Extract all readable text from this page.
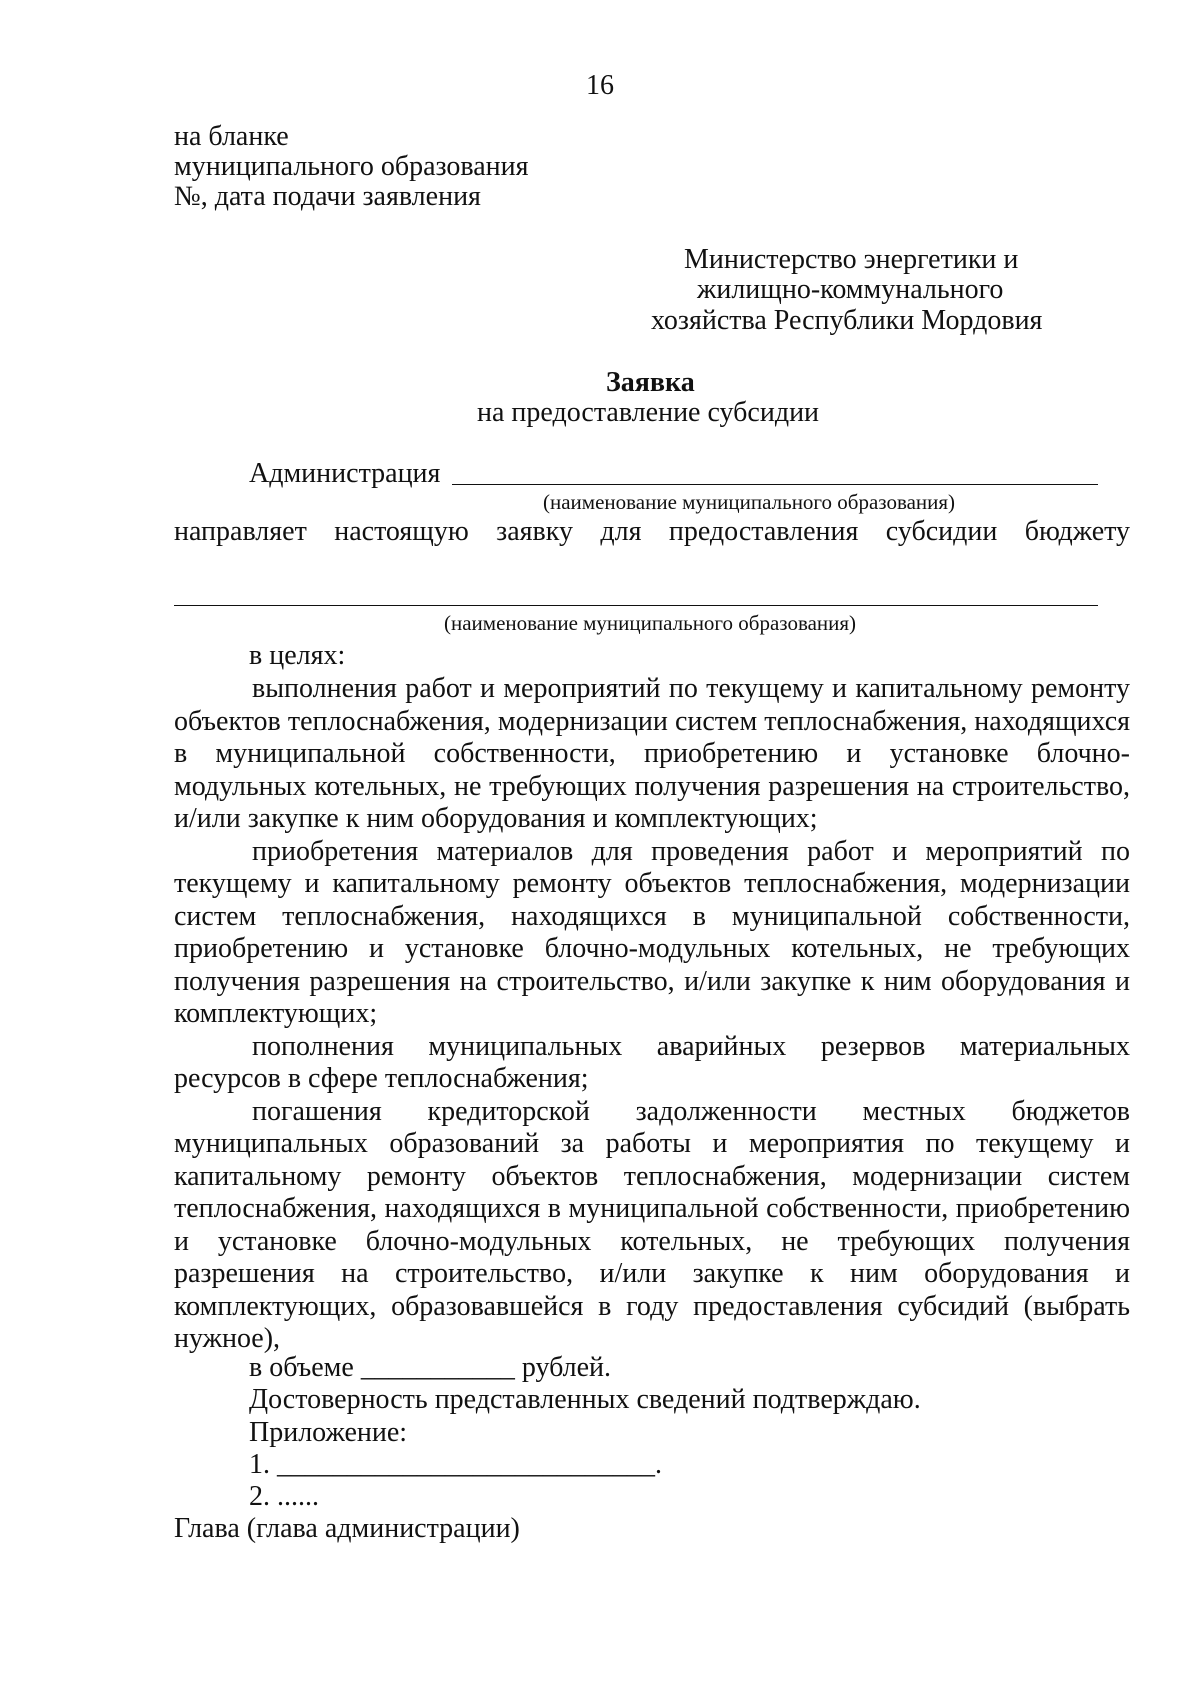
16
на бланке
муниципального образования
№, дата подачи заявления
Министерство энергетики и
жилищно-коммунального
хозяйства Республики Мордовия
Заявка
на предоставление субсидии
Администрация
(наименование муниципального образования)
направляет настоящую заявку для предоставления субсидии бюджету
(наименование муниципального образования)
в целях:

выполнения работ и мероприятий по текущему и капитальному ремонту объектов теплоснабжения, модернизации систем теплоснабжения, находящихся в муниципальной собственности, приобретению и установке блочно-модульных котельных, не требующих получения разрешения на строительство, и/или закупке к ним оборудования и комплектующих;

приобретения материалов для проведения работ и мероприятий по текущему и капитальному ремонту объектов теплоснабжения, модернизации систем теплоснабжения, находящихся в муниципальной собственности, приобретению и установке блочно-модульных котельных, не требующих получения разрешения на строительство, и/или закупке к ним оборудования и комплектующих;

пополнения муниципальных аварийных резервов материальных ресурсов в сфере теплоснабжения;

погашения кредиторской задолженности местных бюджетов муниципальных образований за работы и мероприятия по текущему и капитальному ремонту объектов теплоснабжения, модернизации систем теплоснабжения, находящихся в муниципальной собственности, приобретению и установке блочно-модульных котельных, не требующих получения разрешения на строительство, и/или закупке к ним оборудования и комплектующих, образовавшейся в году предоставления субсидий (выбрать нужное),

в объеме ___________ рублей.
Достоверность представленных сведений подтверждаю.
Приложение:
1. ___________________________.
2. ......
Глава (глава администрации)
